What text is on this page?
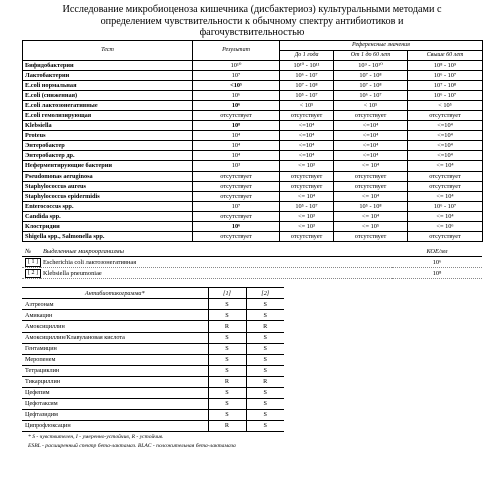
Исследование микробиоценоза кишечника (дисбактериоз) культуральными методами с
определением чувствительности к обычному спектру антибиотиков и
фагочувствительностью
Тест	Результат	Референсные значения		
		До 1 года	От 1 до 60 лет	Свыше 60 лет
Бифидобактерии	10¹⁰	10¹⁰ - 10¹¹	10⁹ - 10¹⁰	10⁸ - 10⁹
Лактобактерии	10⁷	10⁶ - 10⁷	10⁷ - 10⁸	10⁶ - 10⁷
E.coli нормальная	<10⁵	10⁷ - 10⁸	10⁷ - 10⁸	10⁷ - 10⁸
E.coli (сниженная)	10⁶	10⁵ - 10⁷	10⁶ - 10⁷	10⁶ - 10⁷
E.coli лактозонегативные	10⁶	< 10⁵	< 10⁵	< 10⁵
E.coli гемолизирующая	отсутствует	отсутствует	отсутствует	отсутствует
Klebsiella	10⁸	<=10⁴	<=10⁴	<=10⁴
Proteus	10⁴	<=10⁴	<=10⁴	<=10⁴
Энтеробактер	10⁴	<=10⁴	<=10⁴	<=10⁴
Энтеробактер др.	10⁴	<=10⁴	<=10⁴	<=10⁴
Неферментирующие бактерии	10³	<= 10³	<= 10⁴	<= 10⁴
Pseudomonas aeruginosa	отсутствует	отсутствует	отсутствует	отсутствует
Staphylococcus aureus	отсутствует	отсутствует	отсутствует	отсутствует
Staphylococcus epidermidis	отсутствует	<= 10⁴	<= 10⁴	<= 10⁴
Enterococcus spp.	10⁷	10⁵ - 10⁷	10⁵ - 10⁸	10⁶ - 10⁷
Candida spp.	отсутствует	<= 10³	<= 10⁴	<= 10⁴
Клостридии	10⁶	<= 10³	<= 10⁵	<= 10⁶
Shigella spp., Salmonella spp.	отсутствует	отсутствует	отсутствует	отсутствует
№	Выделенные микроорганизмы	КОЕ/мл
[ 1 ]	Escherichia coli лактозонегативная	10⁶
[ 2 ]	Klebsiella pneumoniae	10⁸
Антибиотикограмма*	[1]	[2]
Азтреонам	S	S
Амикацин	S	S
Амоксициллин	R	R
Амоксициллин/Клавулановая кислота	S	S
Гентамицин	S	S
Меропенем	S	S
Тетрациклин	S	S
Тикарциллин	R	R
Цефепим	S	S
Цефотаксим	S	S
Цефтазидим	S	S
Ципрофлоксацин	R	S
* S - чувствителен, I - умеренно-устойчив, R - устойчив.
ESBL - расширенный спектр бета-лактамаз. BLAC - положительная бета-лактамаза
